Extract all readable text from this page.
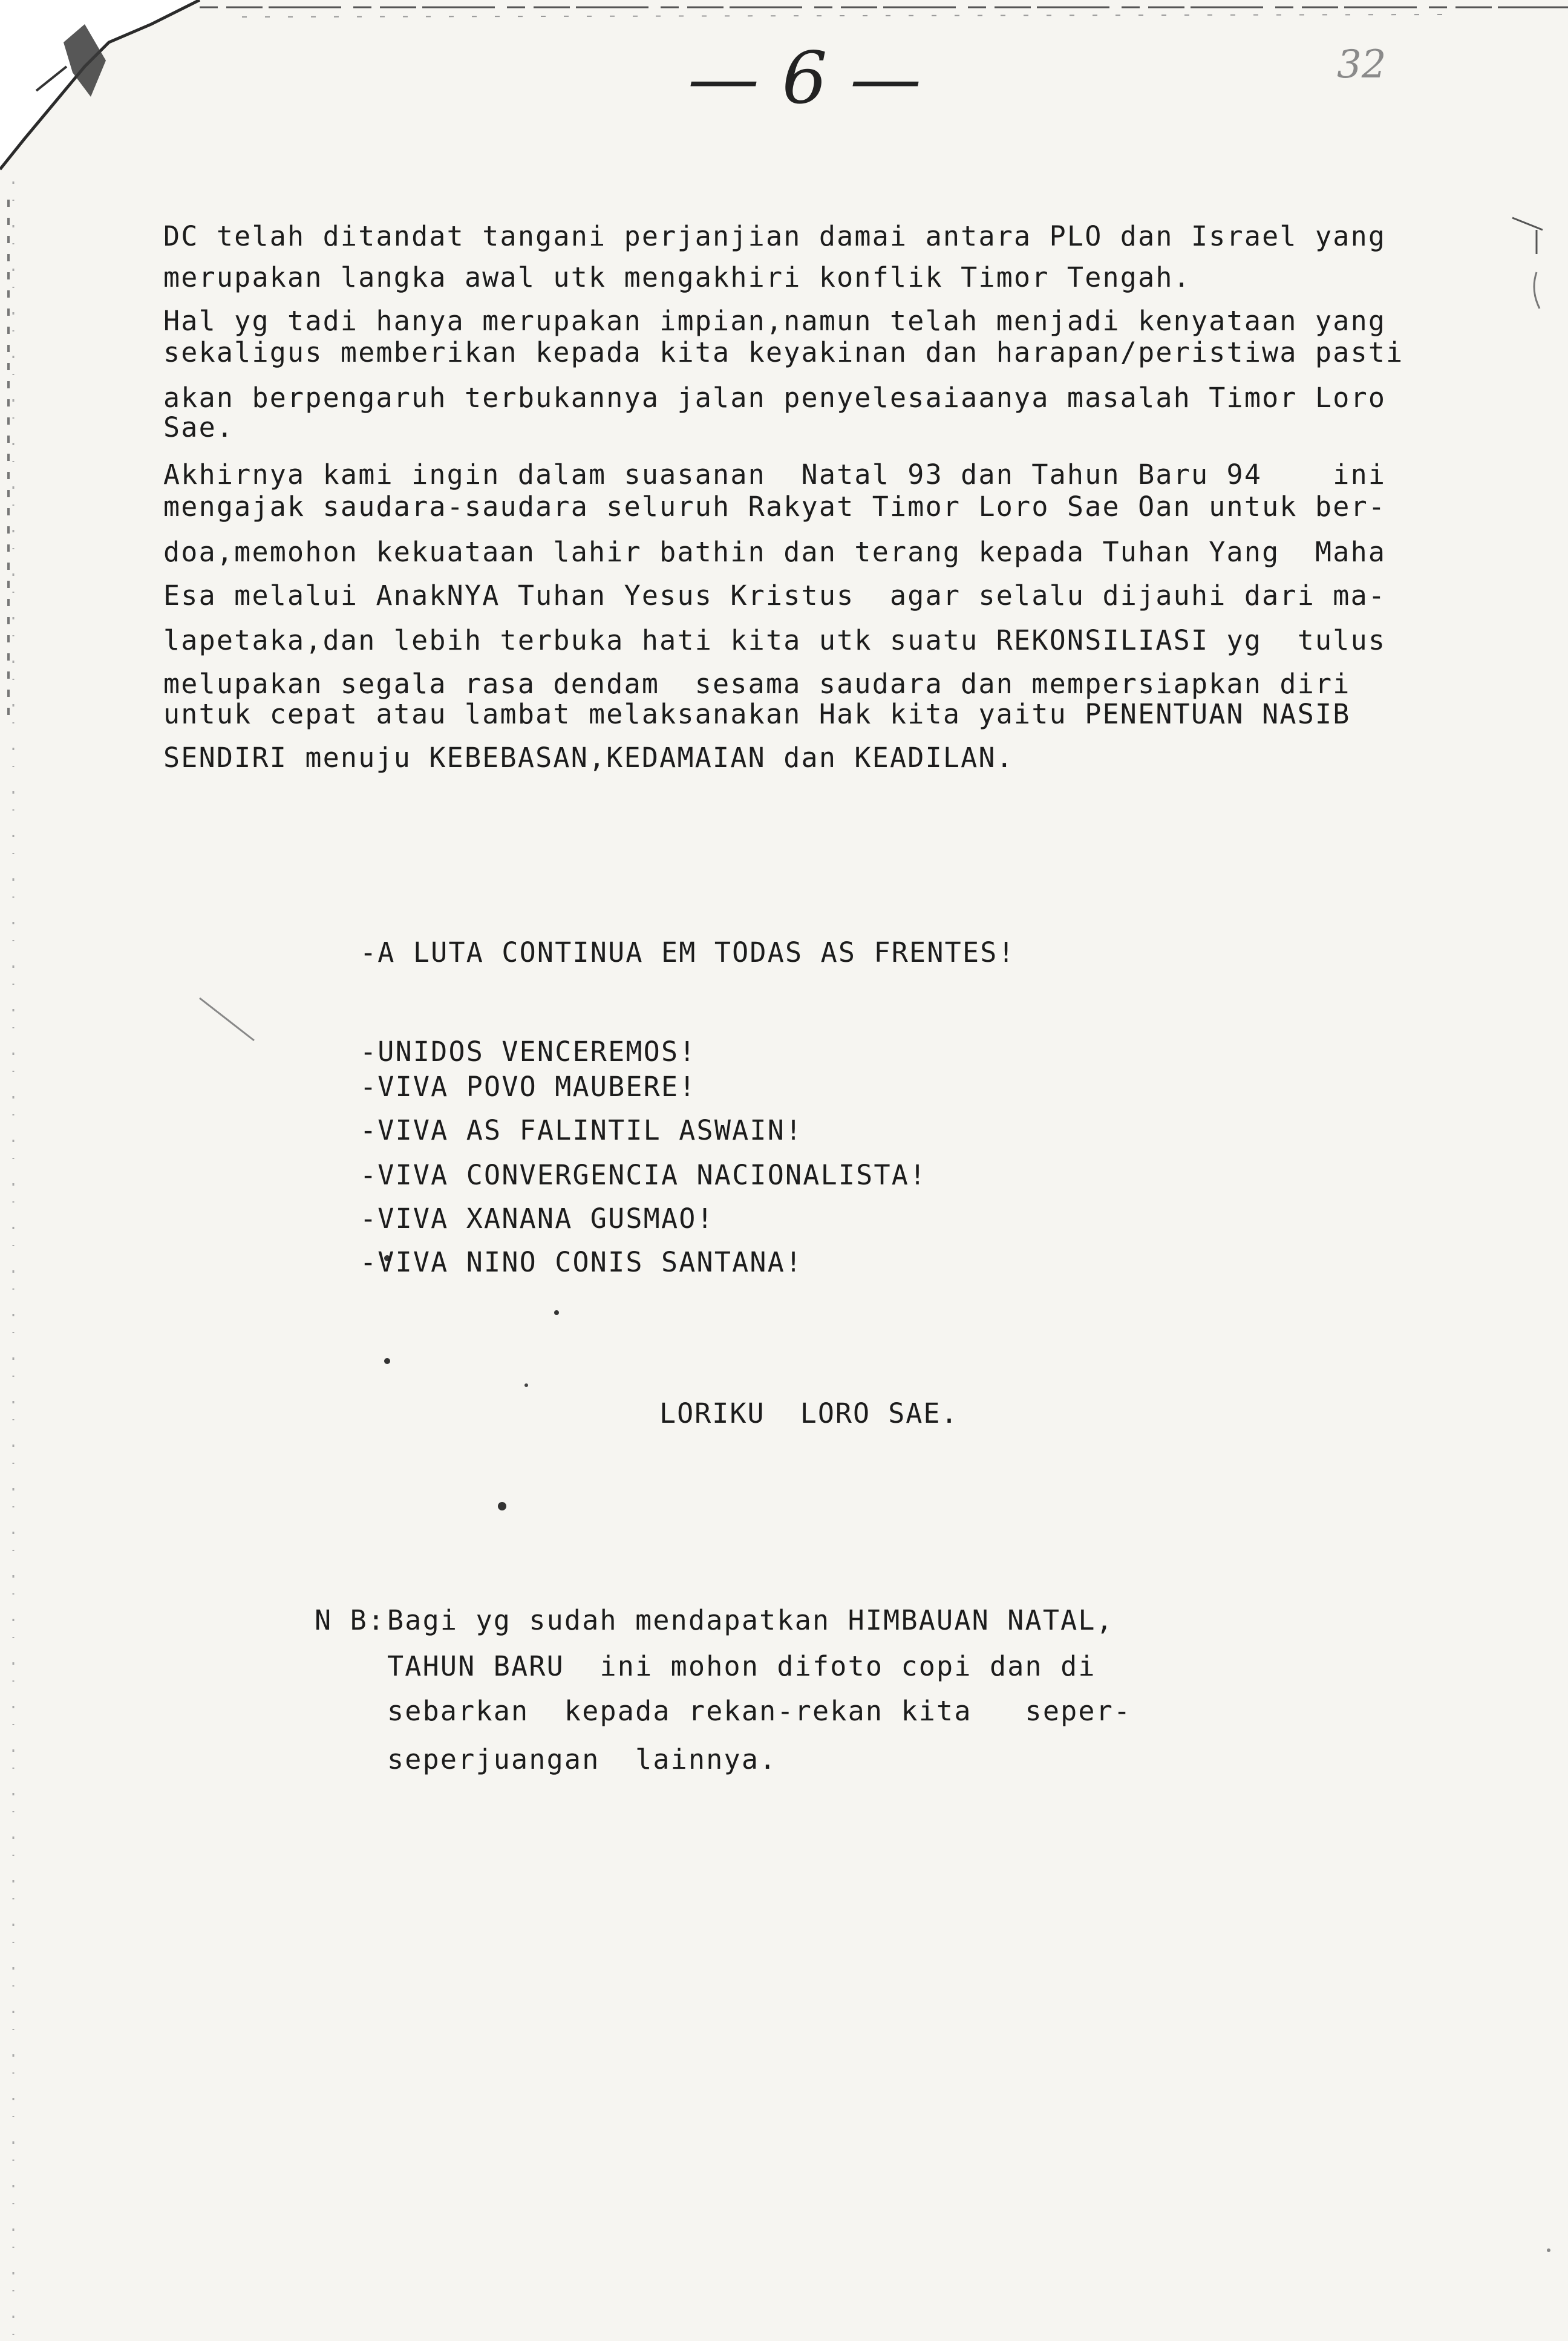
— 6 —	32
DC telah ditandat tangani perjanjian damai antara PLO dan Israel yang
merupakan langka awal utk mengakhiri konflik Timor Tengah.
Hal yg tadi hanya merupakan impian,namun telah menjadi kenyataan yang
sekaligus memberikan kepada kita keyakinan dan harapan/peristiwa pasti
akan berpengaruh terbukannya jalan penyelesaiaanya masalah Timor Loro
Sae.
Akhirnya kami ingin dalam suasanan  Natal 93 dan Tahun Baru 94    ini
mengajak saudara-saudara seluruh Rakyat Timor Loro Sae Oan untuk ber-
doa,memohon kekuataan lahir bathin dan terang kepada Tuhan Yang  Maha
Esa melalui AnakNYA Tuhan Yesus Kristus  agar selalu dijauhi dari ma-
lapetaka,dan lebih terbuka hati kita utk suatu REKONSILIASI yg  tulus
melupakan segala rasa dendam  sesama saudara dan mempersiapkan diri
untuk cepat atau lambat melaksanakan Hak kita yaitu PENENTUAN NASIB
SENDIRI menuju KEBEBASAN,KEDAMAIAN dan KEADILAN.
-A LUTA CONTINUA EM TODAS AS FRENTES!
-UNIDOS VENCEREMOS!
-VIVA POVO MAUBERE!
-VIVA AS FALINTIL ASWAIN!
-VIVA CONVERGENCIA NACIONALISTA!
-VIVA XANANA GUSMAO!
-VIVA NINO CONIS SANTANA!
LORIKU  LORO SAE.
N B: Bagi yg sudah mendapatkan HIMBAUAN NATAL,
TAHUN BARU  ini mohon difoto copi dan di
sebarkan  kepada rekan-rekan kita   seper-
seperjuangan  lainnya.
